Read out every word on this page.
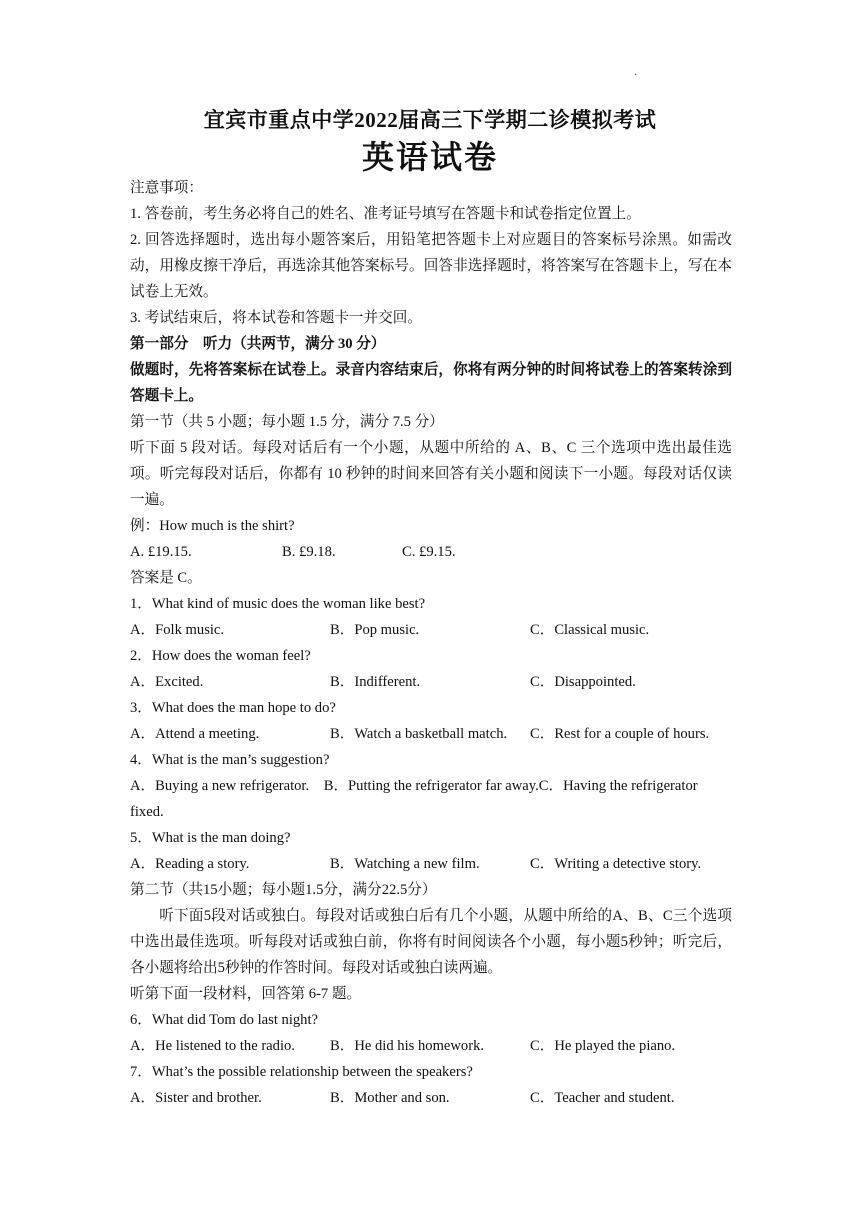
·
宜宾市重点中学2022届高三下学期二诊模拟考试
英语试卷
注意事项：
1. 答卷前，考生务必将自己的姓名、准考证号填写在答题卡和试卷指定位置上。
2. 回答选择题时，选出每小题答案后，用铅笔把答题卡上对应题目的答案标号涂黑。如需改动，用橡皮擦干净后，再选涂其他答案标号。回答非选择题时，将答案写在答题卡上，写在本试卷上无效。
3. 考试结束后，将本试卷和答题卡一并交回。
第一部分　听力（共两节，满分 30 分）
做题时，先将答案标在试卷上。录音内容结束后，你将有两分钟的时间将试卷上的答案转涂到答题卡上。
第一节（共 5 小题；每小题 1.5 分，满分 7.5 分）
听下面 5 段对话。每段对话后有一个小题，从题中所给的 A、B、C 三个选项中选出最佳选项。听完每段对话后，你都有 10 秒钟的时间来回答有关小题和阅读下一小题。每段对话仅读一遍。
例：How much is the shirt?
A. £19.15.	B. £9.18.	C. £9.15.
答案是 C。
1．What kind of music does the woman like best?
A．Folk music.	B．Pop music.	C．Classical music.
2．How does the woman feel?
A．Excited.	B．Indifferent.	C．Disappointed.
3．What does the man hope to do?
A．Attend a meeting.	B．Watch a basketball match.	C．Rest for a couple of hours.
4．What is the man’s suggestion?
A．Buying a new refrigerator.　B．Putting the refrigerator far away.C．Having the refrigerator
fixed.
5．What is the man doing?
A．Reading a story.	B．Watching a new film.	C．Writing a detective story.
第二节（共15小题；每小题1.5分，满分22.5分）
听下面5段对话或独白。每段对话或独白后有几个小题，从题中所给的A、B、C三个选项中选出最佳选项。听每段对话或独白前，你将有时间阅读各个小题，每小题5秒钟；听完后，各小题将给出5秒钟的作答时间。每段对话或独白读两遍。
听第下面一段材料，回答第 6-7 题。
6．What did Tom do last night?
A．He listened to the radio.	B．He did his homework.	C．He played the piano.
7．What’s the possible relationship between the speakers?
A．Sister and brother.	B．Mother and son.	C．Teacher and student.
